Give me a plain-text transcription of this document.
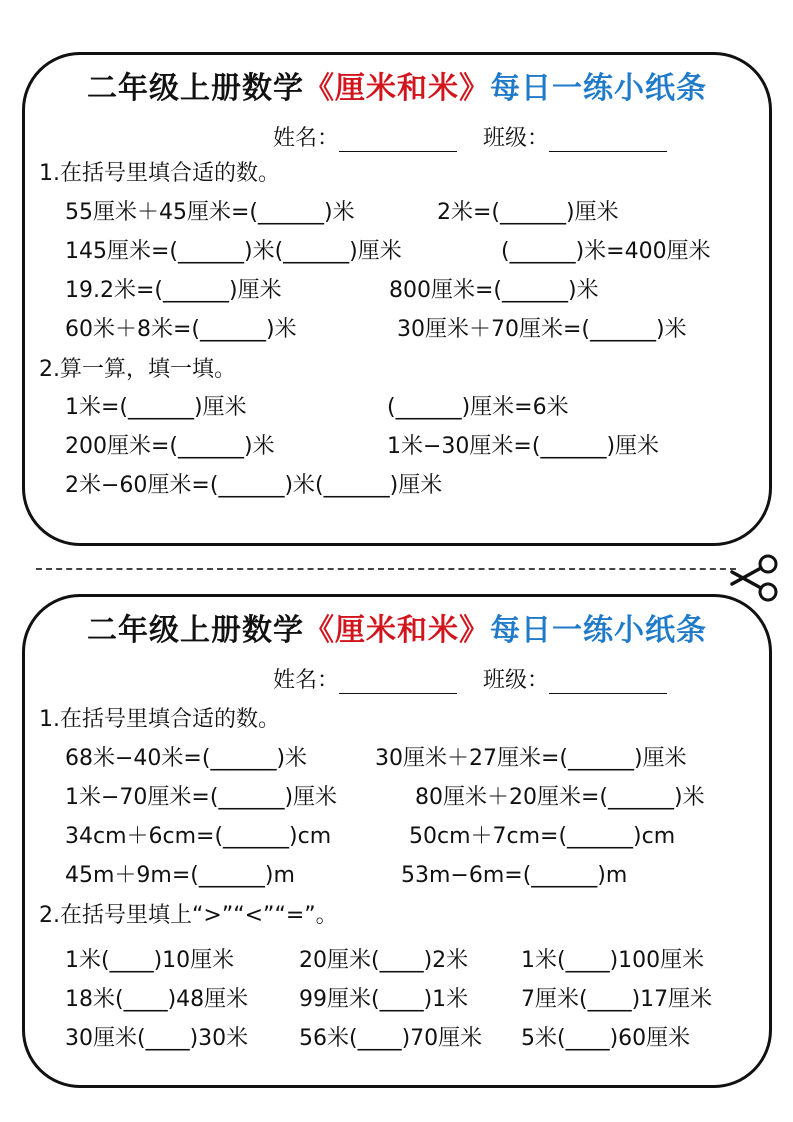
二年级上册数学《厘米和米》每日一练小纸条
姓名：	班级：
1.在括号里填合适的数。
55厘米＋45厘米=(______)米	2米=(______)厘米
145厘米=(______)米(______)厘米	(______)米=400厘米
19.2米=(______)厘米	800厘米=(______)米
60米＋8米=(______)米	30厘米＋70厘米=(______)米
2.算一算，填一填。
1米=(______)厘米	(______)厘米=6米
200厘米=(______)米	1米−30厘米=(______)厘米
2米−60厘米=(______)米(______)厘米
二年级上册数学《厘米和米》每日一练小纸条
姓名：	班级：
1.在括号里填合适的数。
68米−40米=(______)米	30厘米＋27厘米=(______)厘米
1米−70厘米=(______)厘米	80厘米＋20厘米=(______)米
34cm＋6cm=(______)cm	50cm＋7cm=(______)cm
45m＋9m=(______)m	53m−6m=(______)m
2.在括号里填上“>”“<”“=”。
1米(____)10厘米	20厘米(____)2米 1米(____)100厘米
18米(____)48厘米 99厘米(____)1米 7厘米(____)17厘米
30厘米(____)30米 56米(____)70厘米 5米(____)60厘米
